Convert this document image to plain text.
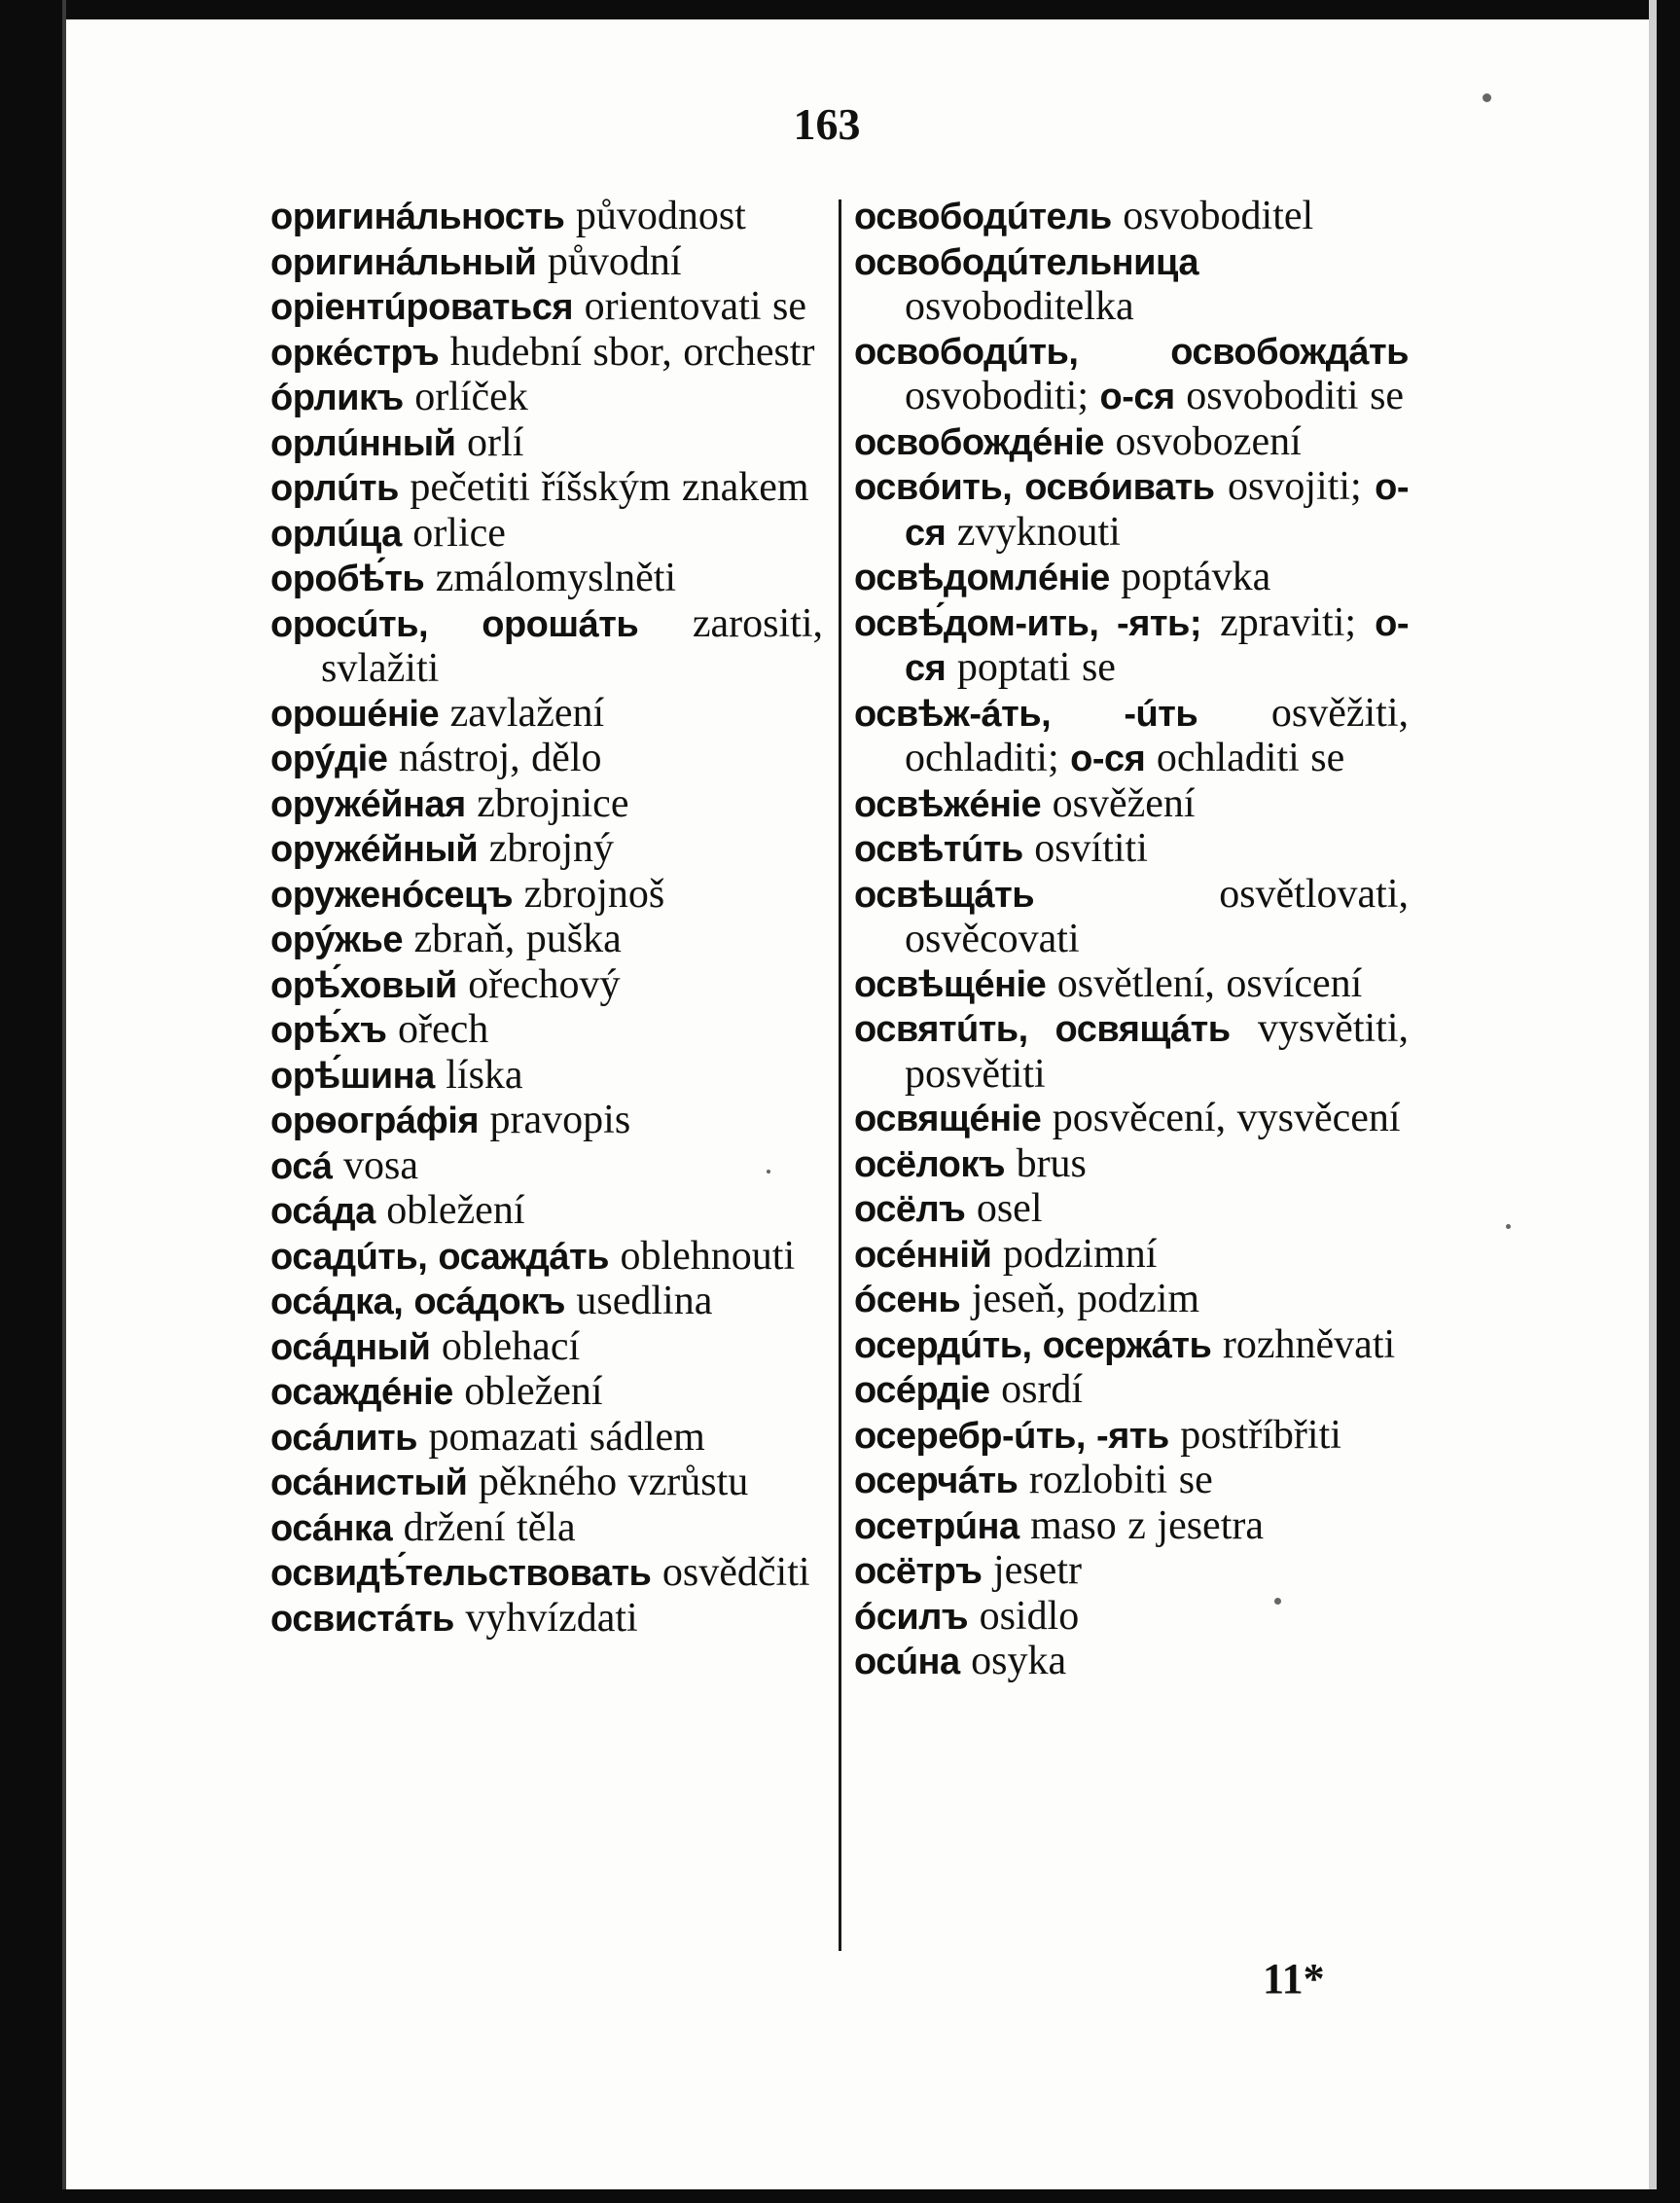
163
оригинáльность původnost
оригинáльный původní
оріентúроваться orientovati se
оркéстръ hudební sbor, orchestr
óрликъ orlíček
орлúнный orlí
орлúть pečetiti říšským znakem
орлúца orlice
оробѣ́ть zmálomyslněti
оросúть, орошáть zarositi, svlažiti
орошéніе zavlažení
орýдіе nástroj, dělo
оружéйная zbrojnice
оружéйный zbrojný
оруженóсецъ zbrojnoš
орýжье zbraň, puška
орѣ́ховый ořechový
орѣ́хъ ořech
орѣ́шина líska
орѳогрáфія pravopis
осá vosa
осáда obležení
осадúть, осаждáть oblehnouti
осáдка, осáдокъ usedlina
осáдный oblehací
осаждéніе obležení
осáлить pomazati sádlem
осáнистый pěkného vzrůstu
осáнка držení těla
освидѣ́тельствовать osvědčiti
освистáть vyhvízdati
освободúтель osvoboditel
освободúтельница osvoboditelka
освободúть, освобождáть osvoboditi; о-ся osvoboditi se
освобождéніе osvobození
освóить, освóивать osvojiti; о-ся zvyknouti
освѣдомлéніе poptávka
освѣ́дом-ить, -ять; zpraviti; о-ся poptati se
освѣж-áть, -úть osvěžiti, ochladiti; о-ся ochladiti se
освѣжéніе osvěžení
освѣтúть osvítiti
освѣщáть	osvětlovati, osvěcovati
освѣщéніе osvětlení, osvícení
освятúть, освящáть vysvětiti, posvětiti
освящéніе posvěcení, vysvěcení
осёлокъ brus
осёлъ osel
осéнній podzimní
óсень jeseň, podzim
осердúть, осержáть rozhněvati
осéрдіе osrdí
осеребр-úть, -ять postříbřiti
осерчáть rozlobiti se
осетрúна maso z jesetra
осётръ jesetr
óсилъ osidlo
осúна osyka
11*
